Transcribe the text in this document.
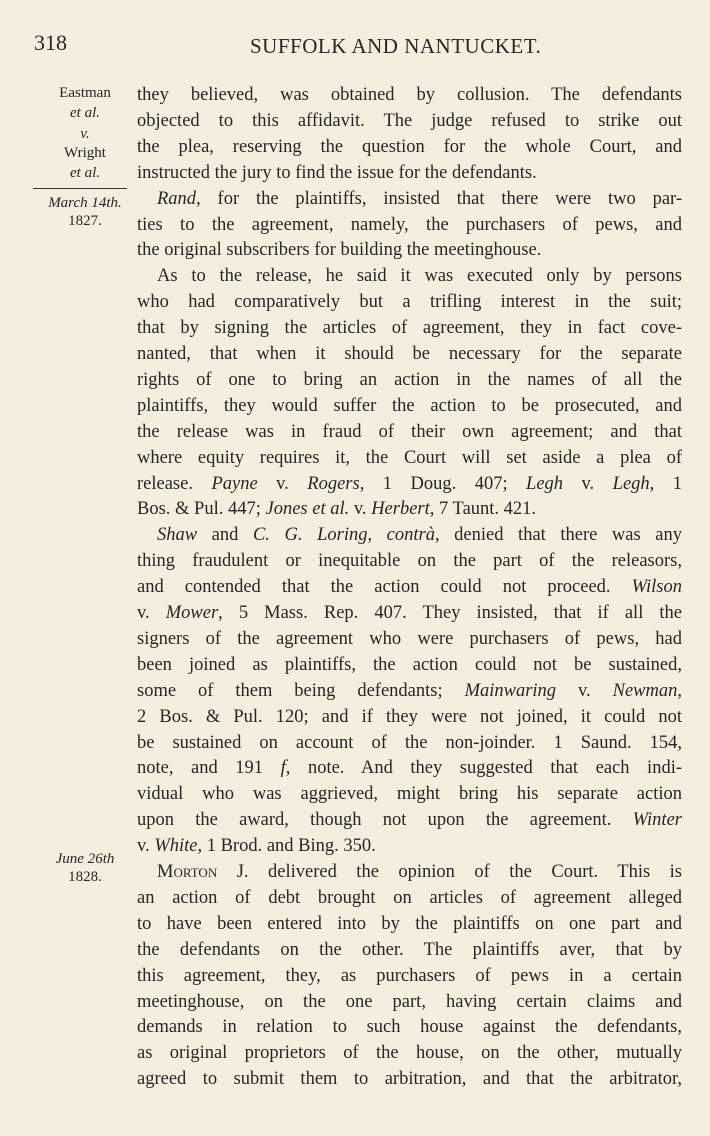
318	SUFFOLK AND NANTUCKET.
Eastman
et al.
v.
Wright
et al.
March 14th.
1827.
June 26th
1828.
they believed, was obtained by collusion. The defendants
objected to this affidavit. The judge refused to strike out
the plea, reserving the question for the whole Court, and
instructed the jury to find the issue for the defendants.
Rand, for the plaintiffs, insisted that there were two par-
ties to the agreement, namely, the purchasers of pews, and
the original subscribers for building the meetinghouse.
As to the release, he said it was executed only by persons
who had comparatively but a trifling interest in the suit;
that by signing the articles of agreement, they in fact cove-
nanted, that when it should be necessary for the separate
rights of one to bring an action in the names of all the
plaintiffs, they would suffer the action to be prosecuted, and
the release was in fraud of their own agreement; and that
where equity requires it, the Court will set aside a plea of
release. Payne v. Rogers, 1 Doug. 407; Legh v. Legh, 1
Bos. & Pul. 447; Jones et al. v. Herbert, 7 Taunt. 421.
Shaw and C. G. Loring, contrà, denied that there was any
thing fraudulent or inequitable on the part of the releasors,
and contended that the action could not proceed. Wilson
v. Mower, 5 Mass. Rep. 407. They insisted, that if all the
signers of the agreement who were purchasers of pews, had
been joined as plaintiffs, the action could not be sustained,
some of them being defendants; Mainwaring v. Newman,
2 Bos. & Pul. 120; and if they were not joined, it could not
be sustained on account of the non-joinder. 1 Saund. 154,
note, and 191 f, note. And they suggested that each indi-
vidual who was aggrieved, might bring his separate action
upon the award, though not upon the agreement. Winter
v. White, 1 Brod. and Bing. 350.
Morton J. delivered the opinion of the Court. This is
an action of debt brought on articles of agreement alleged
to have been entered into by the plaintiffs on one part and
the defendants on the other. The plaintiffs aver, that by
this agreement, they, as purchasers of pews in a certain
meetinghouse, on the one part, having certain claims and
demands in relation to such house against the defendants,
as original proprietors of the house, on the other, mutually
agreed to submit them to arbitration, and that the arbitrator,
